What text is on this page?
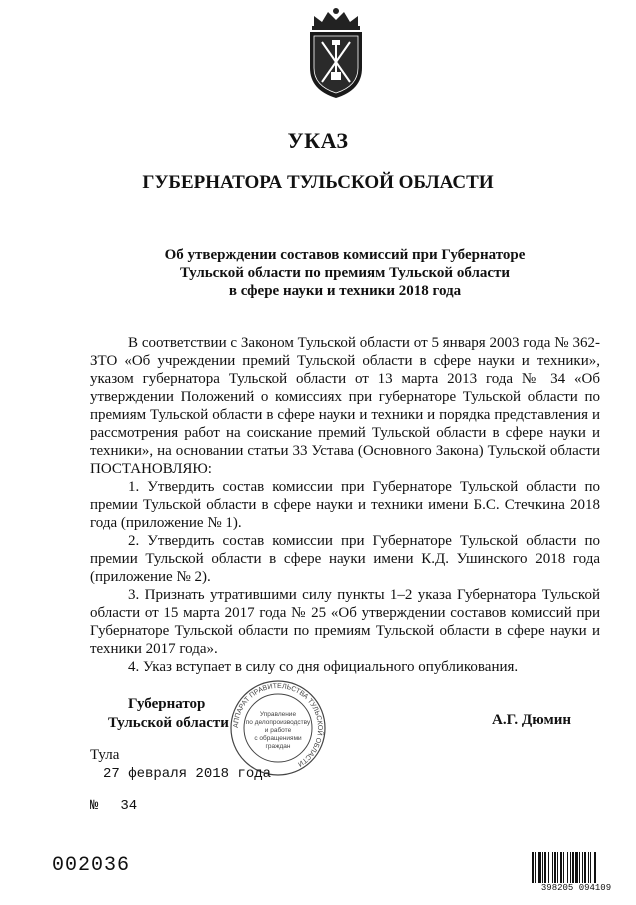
УКАЗ
ГУБЕРНАТОРА ТУЛЬСКОЙ ОБЛАСТИ
Об утверждении составов комиссий при Губернаторе
Тульской области по премиям Тульской области
в сфере науки и техники 2018 года

В соответствии с Законом Тульской области от 5 января 2003 года № 362-ЗТО «Об учреждении премий Тульской области в сфере науки и техники», указом губернатора Тульской области от 13 марта 2013 года № 34 «Об утверждении Положений о комиссиях при губернаторе Тульской области по премиям Тульской области в сфере науки и техники и порядка представления и рассмотрения работ на соискание премий Тульской области в сфере науки и техники», на основании статьи 33 Устава (Основного Закона) Тульской области ПОСТАНОВЛЯЮ:

1. Утвердить состав комиссии при Губернаторе Тульской области по премии Тульской области в сфере науки и техники имени Б.С. Стечкина 2018 года (приложение № 1).

2. Утвердить состав комиссии при Губернаторе Тульской области по премии Тульской области в сфере науки имени К.Д. Ушинского 2018 года (приложение № 2).

3. Признать утратившими силу пункты 1–2 указа Губернатора Тульской области от 15 марта 2017 года № 25 «Об утверждении составов комиссий при Губернаторе Тульской области по премиям Тульской области в сфере науки и техники 2017 года».

4. Указ вступает в силу со дня официального опубликования.

Губернатор
Тульской области АППАРАТ ПРАВИТЕЛЬСТВА ТУЛЬСКОЙ ОБЛАСТИ
Управление
по делопроизводству
и работе
с обращениями
граждан
А.Г. Дюмин
Тула
27 февраля 2018 года
№ 34
002036
398205 094109
